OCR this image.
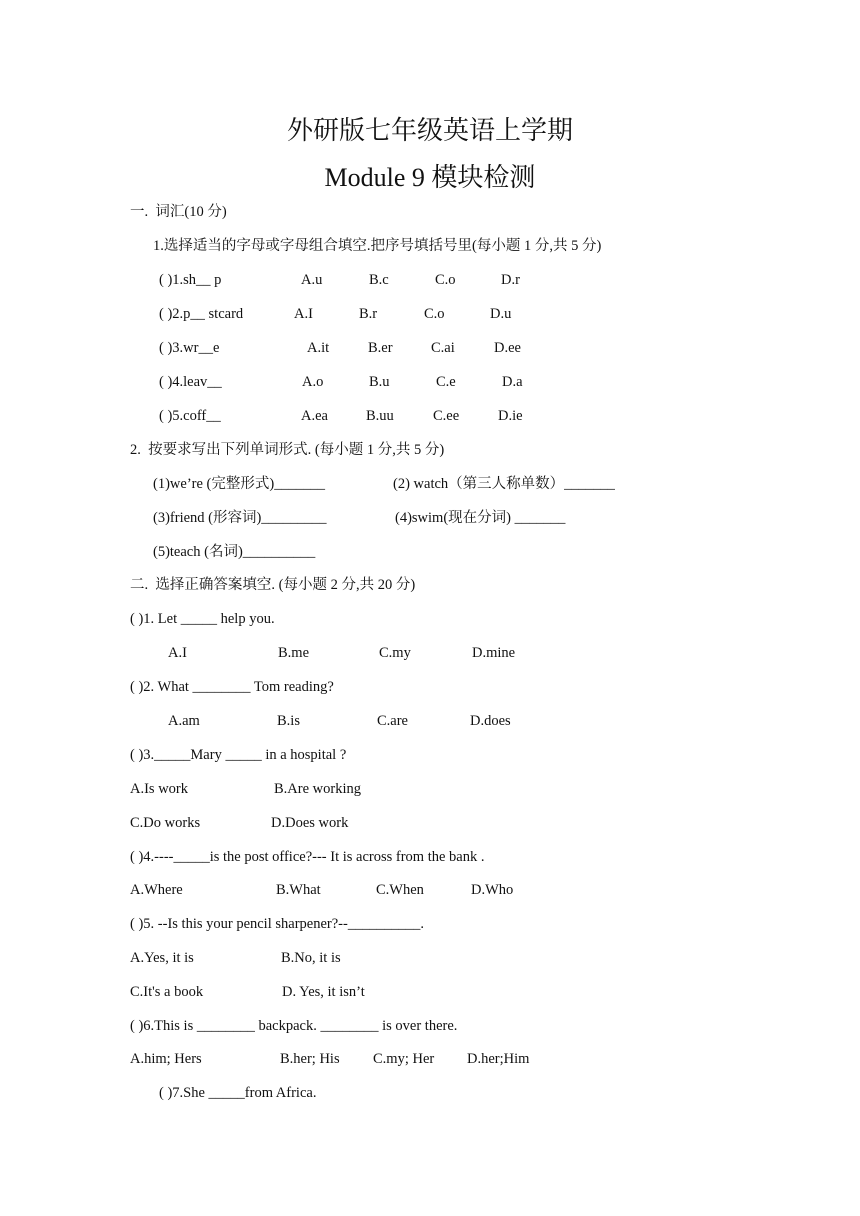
外研版七年级英语上学期
Module 9 模块检测
一.  词汇(10 分)
1.选择适当的字母或字母组合填空.把序号填括号里(每小题 1 分,共 5 分)
( )1.sh__ p	A.u	B.c	C.o	D.r
( )2.p__ stcard	A.I	B.r	C.o	D.u
( )3.wr__e	A.it	B.er	C.ai	D.ee
( )4.leav__	A.o	B.u	C.e	D.a
( )5.coff__	A.ea	B.uu	C.ee	D.ie
2.  按要求写出下列单词形式. (每小题 1 分,共 5 分)
(1)we’re (完整形式)_______	(2) watch（第三人称单数）_______
(3)friend (形容词)_________	(4)swim(现在分词) _______
(5)teach (名词)__________
二.  选择正确答案填空. (每小题 2 分,共 20 分)
( )1. Let _____ help you.
A.I	B.me	C.my	D.mine
( )2. What ________ Tom reading?
A.am	B.is	C.are	D.does
( )3._____Mary _____ in a hospital ?
A.Is work	B.Are working
C.Do works	D.Does work
( )4.----_____is the post office?--- It is across from the bank .
A.Where	B.What	C.When	D.Who
( )5. --Is this your pencil sharpener?--__________.
A.Yes, it is	B.No, it is
C.It's a book	D. Yes, it isn’t
( )6.This is ________ backpack. ________ is over there.
A.him; Hers	B.her; His C.my; Her D.her;Him
( )7.She _____from Africa.
